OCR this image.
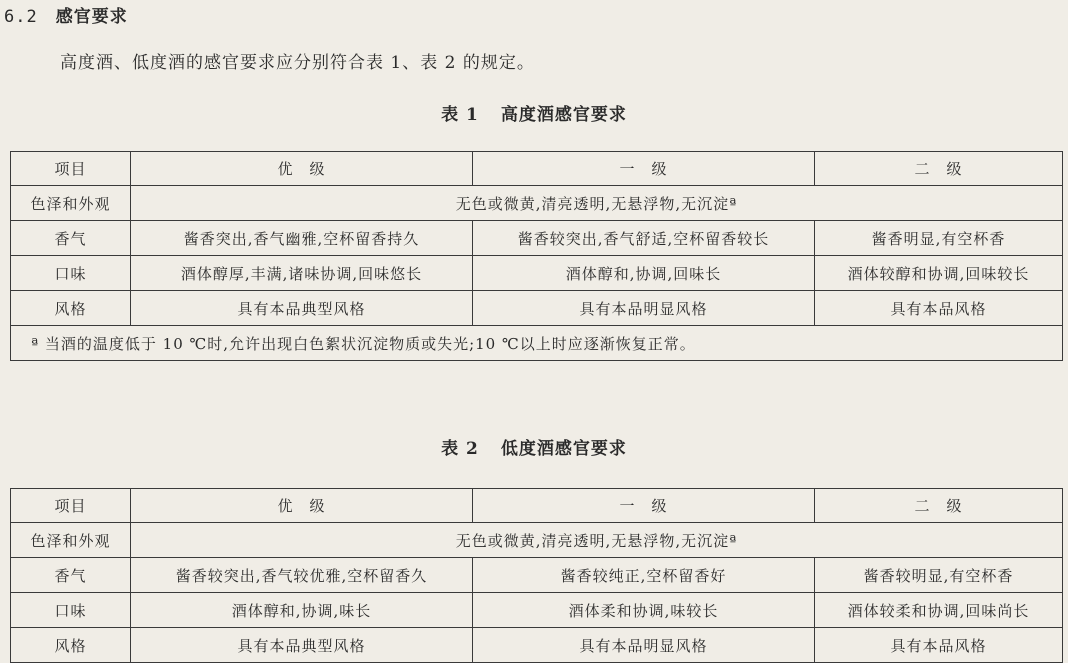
6.2 感官要求
高度酒、低度酒的感官要求应分别符合表 1、表 2 的规定。
表 1 高度酒感官要求
项目	优　级	一　级	二　级
色泽和外观	无色或微黄,清亮透明,无悬浮物,无沉淀ª		
香气	酱香突出,香气幽雅,空杯留香持久	酱香较突出,香气舒适,空杯留香较长	酱香明显,有空杯香
口味	酒体醇厚,丰满,诸味协调,回味悠长	酒体醇和,协调,回味长	酒体较醇和协调,回味较长
风格	具有本品典型风格	具有本品明显风格	具有本品风格
ª 当酒的温度低于 10 ℃时,允许出现白色絮状沉淀物质或失光;10 ℃以上时应逐渐恢复正常。			
表 2 低度酒感官要求
项目	优　级	一　级	二　级
色泽和外观	无色或微黄,清亮透明,无悬浮物,无沉淀ª		
香气	酱香较突出,香气较优雅,空杯留香久	酱香较纯正,空杯留香好	酱香较明显,有空杯香
口味	酒体醇和,协调,味长	酒体柔和协调,味较长	酒体较柔和协调,回味尚长
风格	具有本品典型风格	具有本品明显风格	具有本品风格
